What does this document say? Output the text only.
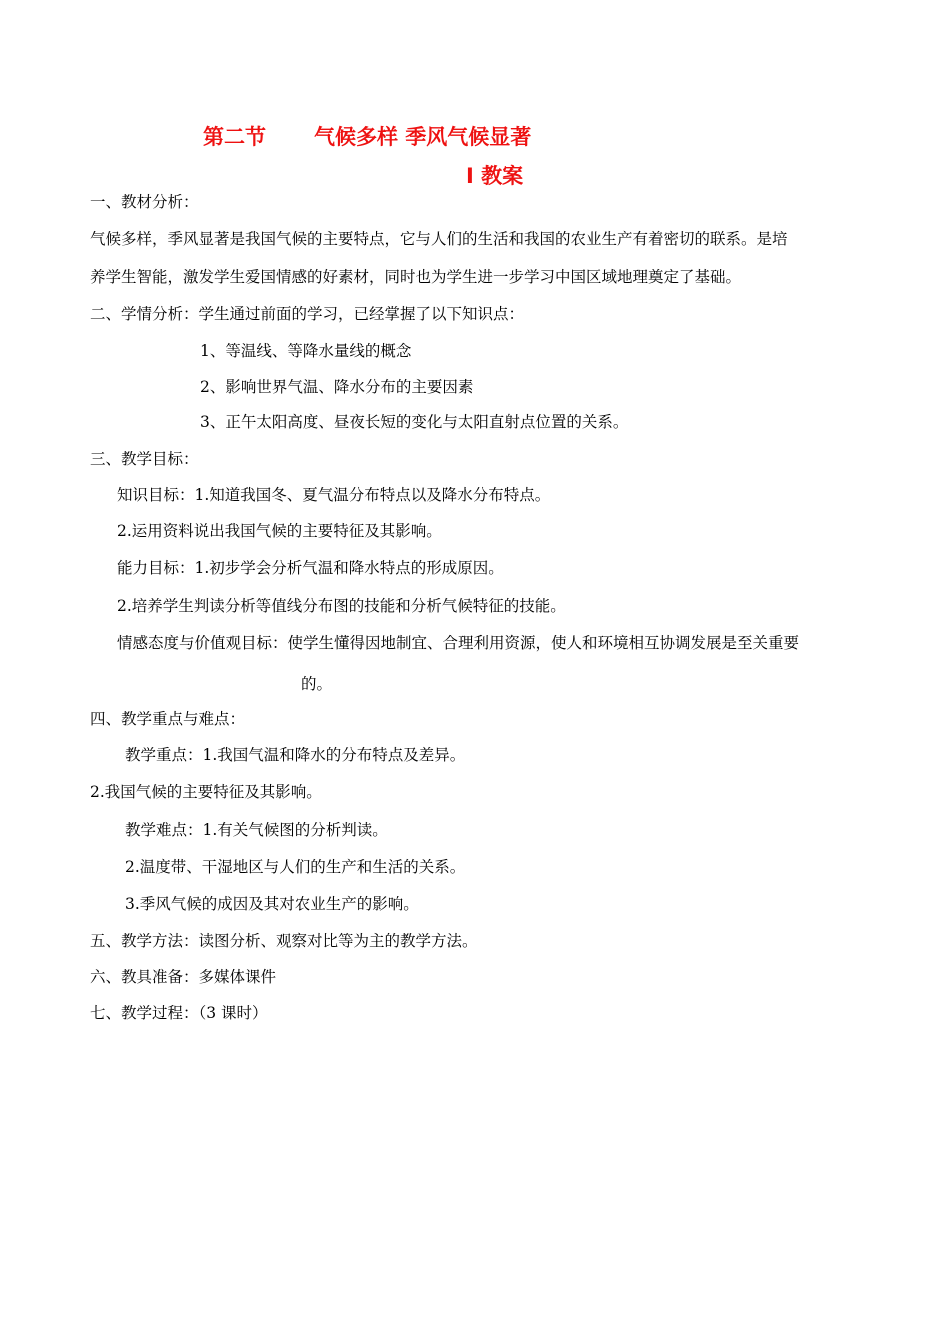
第二节 气候多样 季风气候显著
Ⅰ 教案
一、教材分析：
气候多样，季风显著是我国气候的主要特点，它与人们的生活和我国的农业生产有着密切的联系。是培
养学生智能，激发学生爱国情感的好素材，同时也为学生进一步学习中国区域地理奠定了基础。
二、学情分析：学生通过前面的学习，已经掌握了以下知识点：
1、等温线、等降水量线的概念
2、影响世界气温、降水分布的主要因素
3、正午太阳高度、昼夜长短的变化与太阳直射点位置的关系。
三、教学目标：
知识目标：1.知道我国冬、夏气温分布特点以及降水分布特点。
2.运用资料说出我国气候的主要特征及其影响。
能力目标：1.初步学会分析气温和降水特点的形成原因。
2.培养学生判读分析等值线分布图的技能和分析气候特征的技能。
情感态度与价值观目标：使学生懂得因地制宜、合理利用资源，使人和环境相互协调发展是至关重要
的。
四、教学重点与难点：
教学重点：1.我国气温和降水的分布特点及差异。
2.我国气候的主要特征及其影响。
教学难点：1.有关气候图的分析判读。
2.温度带、干湿地区与人们的生产和生活的关系。
3.季风气候的成因及其对农业生产的影响。
五、教学方法：读图分析、观察对比等为主的教学方法。
六、教具准备：多媒体课件
七、教学过程：（3 课时）
